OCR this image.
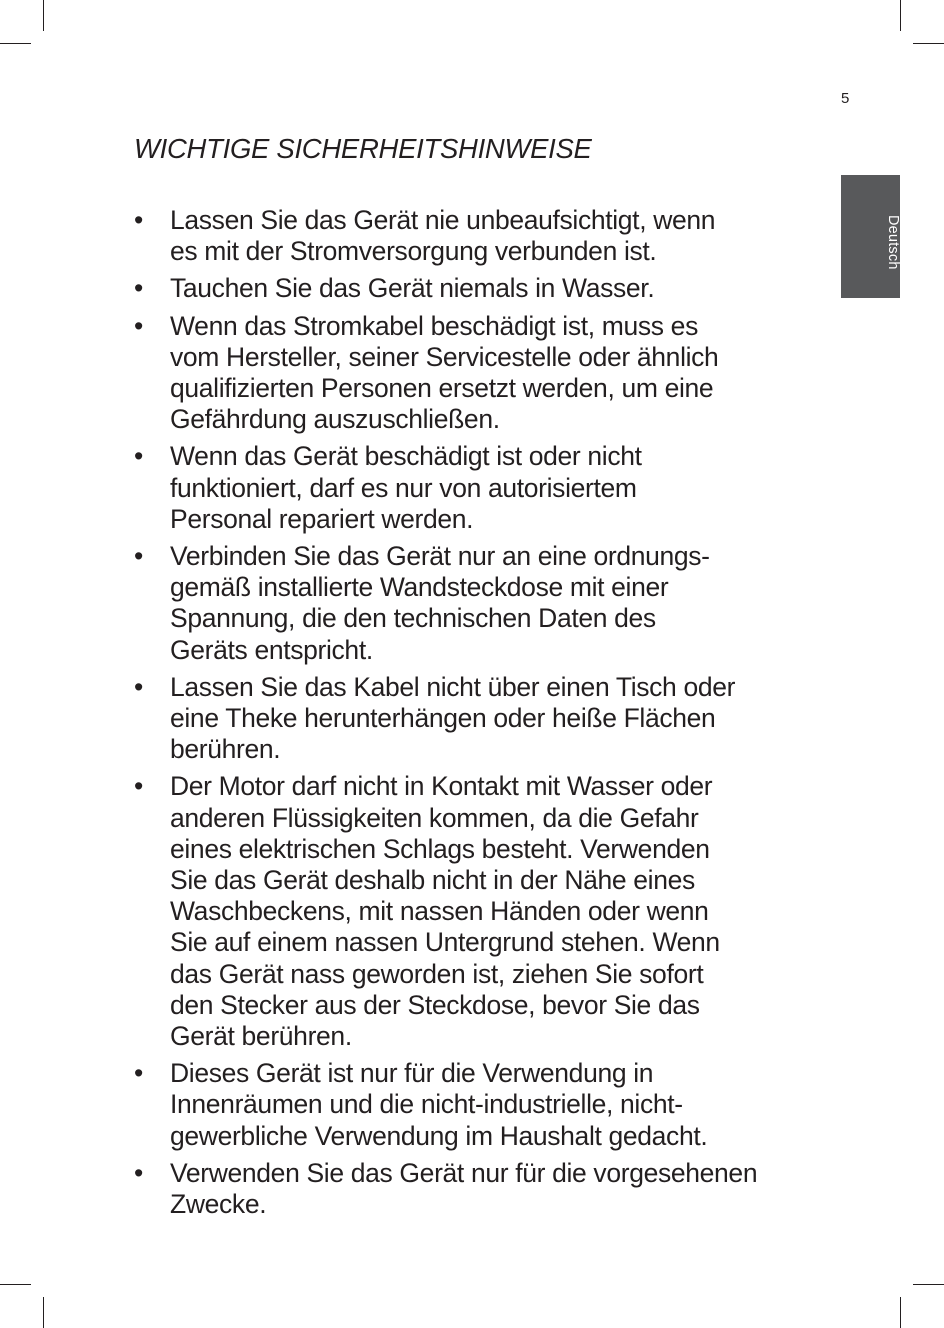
5
Deutsch
WICHTIGE SICHERHEITSHINWEISE
•	Lassen Sie das Gerät nie unbeaufsichtigt, wenn
es mit der Stromversorgung verbunden ist.
•	Tauchen Sie das Gerät niemals in Wasser.
•	Wenn das Stromkabel beschädigt ist, muss es
vom Hersteller, seiner Servicestelle oder ähnlich
qualifizierten Personen ersetzt werden, um eine
Gefährdung auszuschließen.
•	Wenn das Gerät beschädigt ist oder nicht
funktioniert, darf es nur von autorisiertem
Personal repariert werden.
•	Verbinden Sie das Gerät nur an eine ordnungs-
gemäß installierte Wandsteckdose mit einer
Spannung, die den technischen Daten des
Geräts entspricht.
•	Lassen Sie das Kabel nicht über einen Tisch oder
eine Theke herunterhängen oder heiße Flächen
berühren.
•	Der Motor darf nicht in Kontakt mit Wasser oder
anderen Flüssigkeiten kommen, da die Gefahr
eines elektrischen Schlags besteht. Verwenden
Sie das Gerät deshalb nicht in der Nähe eines
Waschbeckens, mit nassen Händen oder wenn
Sie auf einem nassen Untergrund stehen. Wenn
das Gerät nass geworden ist, ziehen Sie sofort
den Stecker aus der Steckdose, bevor Sie das
Gerät berühren.
•	Dieses Gerät ist nur für die Verwendung in
Innenräumen und die nicht-industrielle, nicht-
gewerbliche Verwendung im Haushalt gedacht.
•	Verwenden Sie das Gerät nur für die vorgesehenen
Zwecke.
